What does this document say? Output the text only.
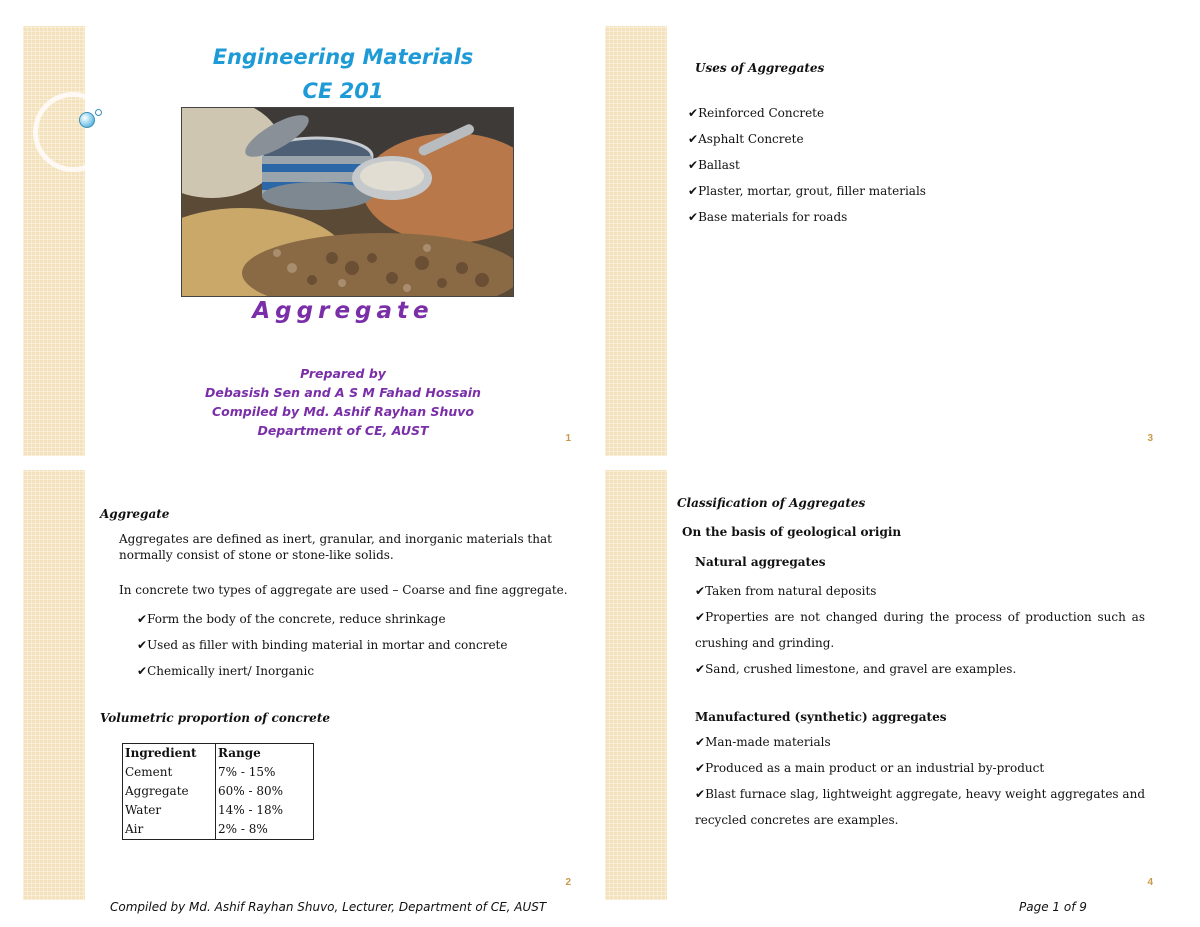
Engineering Materials
CE 201
Aggregate
Prepared by
Debasish Sen and A S M Fahad Hossain
Compiled by Md. Ashif Rayhan Shuvo
Department of CE, AUST
1
Uses of Aggregates
✔ Reinforced Concrete
✔ Asphalt Concrete
✔ Ballast
✔ Plaster, mortar, grout, filler materials
✔ Base materials for roads
3
Aggregate
Aggregates are defined as inert, granular, and inorganic materials that normally consist of stone or stone-like solids.
In concrete two types of aggregate are used – Coarse and fine aggregate.
✔ Form the body of the concrete, reduce shrinkage
✔ Used as filler with binding material in mortar and concrete
✔ Chemically inert/ Inorganic
Volumetric proportion of concrete
Ingredient	Range
Cement	7% - 15%
Aggregate	60% - 80%
Water	14% - 18%
Air	2% - 8%
2
Classification of Aggregates
On the basis of geological origin
Natural aggregates
✔ Taken from natural deposits
✔ Properties are not changed during the process of production such as crushing and grinding.
✔ Sand, crushed limestone, and gravel are examples.
Manufactured (synthetic) aggregates
✔ Man-made materials
✔ Produced as a main product or an industrial by-product
✔ Blast furnace slag, lightweight aggregate, heavy weight aggregates and recycled concretes are examples.
4
Compiled by Md. Ashif Rayhan Shuvo, Lecturer, Department of CE, AUST	Page 1 of 9
